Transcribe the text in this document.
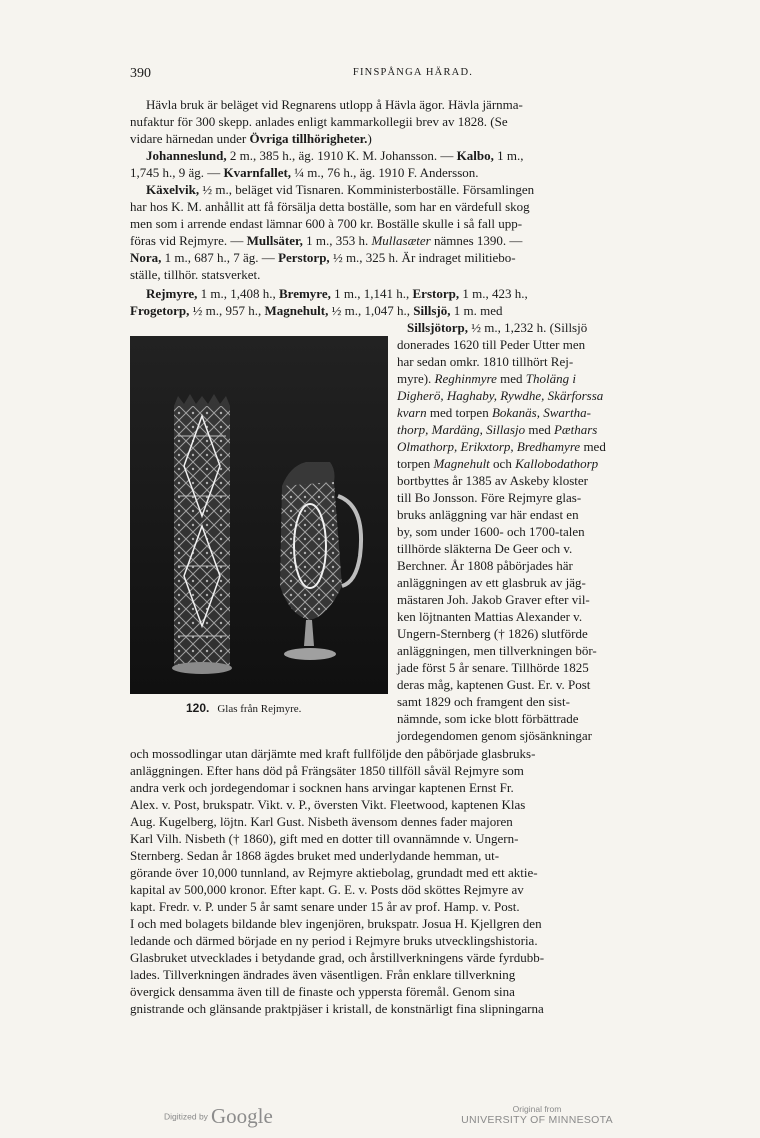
390	FINSPÅNGA HÄRAD.
Hävla bruk är beläget vid Regnarens utlopp å Hävla ägor. Hävla järnma-
nufaktur för 300 skepp. anlades enligt kammarkollegii brev av 1828. (Se
vidare härnedan under Övriga tillhörigheter.)
Johanneslund, 2 m., 385 h., äg. 1910 K. M. Johansson. — Kalbo, 1 m.,
1,745 h., 9 äg. — Kvarnfallet, ¼ m., 76 h., äg. 1910 F. Andersson.
Käxelvik, ½ m., beläget vid Tisnaren. Komministerboställe. Församlingen
har hos K. M. anhållit att få försälja detta boställe, som har en värdefull skog
men som i arrende endast lämnar 600 à 700 kr. Boställe skulle i så fall upp-
föras vid Rejmyre. — Mullsäter, 1 m., 353 h. Mullasæter nämnes 1390. —
Nora, 1 m., 687 h., 7 äg. — Perstorp, ½ m., 325 h. Är indraget militiebo-
ställe, tillhör. statsverket.
Rejmyre, 1 m., 1,408 h., Bremyre, 1 m., 1,141 h., Erstorp, 1 m., 423 h.,
Frogetorp, ½ m., 957 h., Magnehult, ½ m., 1,047 h., Sillsjö, 1 m. med
120. Glas från Rejmyre.
Sillsjötorp, ½ m., 1,232 h. (Sillsjö
donerades 1620 till Peder Utter men
har sedan omkr. 1810 tillhört Rej-
myre). Reghinmyre med Tholäng i
Digherö, Haghaby, Rywdhe, Skärforssa
kvarn med torpen Bokanäs, Swartha-
thorp, Mardäng, Sillasjo med Pæthars
Olmathorp, Erikxtorp, Bredhamyre med
torpen Magnehult och Kallobodathorp
bortbyttes år 1385 av Askeby kloster
till Bo Jonsson. Före Rejmyre glas-
bruks anläggning var här endast en
by, som under 1600- och 1700-talen
tillhörde släkterna De Geer och v.
Berchner. År 1808 påbörjades här
anläggningen av ett glasbruk av jäg-
mästaren Joh. Jakob Graver efter vil-
ken löjtnanten Mattias Alexander v.
Ungern-Sternberg († 1826) slutförde
anläggningen, men tillverkningen bör-
jade först 5 år senare. Tillhörde 1825
deras måg, kaptenen Gust. Er. v. Post
samt 1829 och framgent den sist-
nämnde, som icke blott förbättrade
jordegendomen genom sjösänkningar
och mossodlingar utan därjämte med kraft fullföljde den påbörjade glasbruks-
anläggningen. Efter hans död på Frängsäter 1850 tillföll såväl Rejmyre som
andra verk och jordegendomar i socknen hans arvingar kaptenen Ernst Fr.
Alex. v. Post, brukspatr. Vikt. v. P., översten Vikt. Fleetwood, kaptenen Klas
Aug. Kugelberg, löjtn. Karl Gust. Nisbeth ävensom dennes fader majoren
Karl Vilh. Nisbeth († 1860), gift med en dotter till ovannämnde v. Ungern-
Sternberg. Sedan år 1868 ägdes bruket med underlydande hemman, ut-
görande över 10,000 tunnland, av Rejmyre aktiebolag, grundadt med ett aktie-
kapital av 500,000 kronor. Efter kapt. G. E. v. Posts död sköttes Rejmyre av
kapt. Fredr. v. P. under 5 år samt senare under 15 år av prof. Hamp. v. Post.
I och med bolagets bildande blev ingenjören, brukspatr. Josua H. Kjellgren den
ledande och därmed började en ny period i Rejmyre bruks utvecklingshistoria.
Glasbruket utvecklades i betydande grad, och årstillverkningens värde fyrdubb-
lades. Tillverkningen ändrades även väsentligen. Från enklare tillverkning
övergick densamma även till de finaste och yppersta föremål. Genom sina
gnistrande och glänsande praktpjäser i kristall, de konstnärligt fina slipningarna
Digitized by Google	Original from
UNIVERSITY OF MINNESOTA
